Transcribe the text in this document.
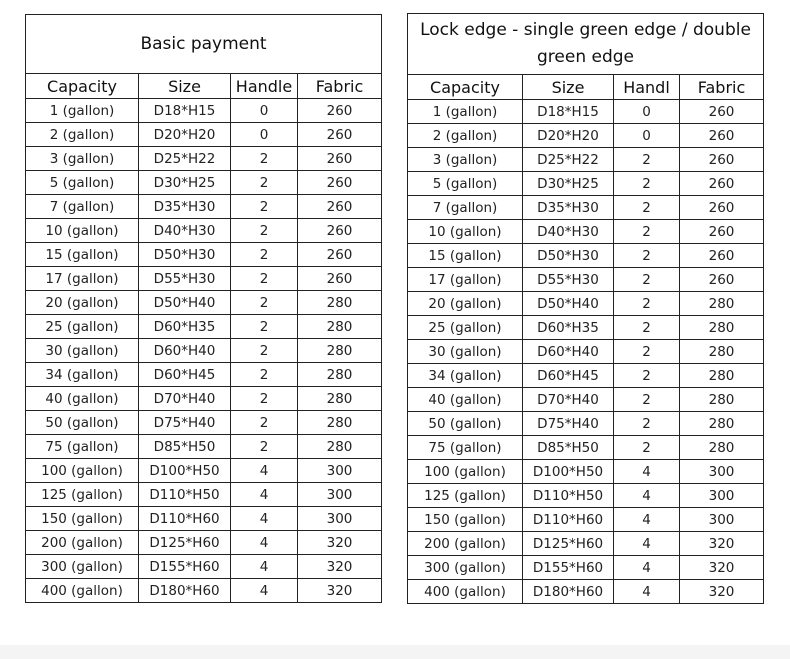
Basic payment			
Capacity	Size	Handle	Fabric
1 (gallon)	D18*H15	0	260
2 (gallon)	D20*H20	0	260
3 (gallon)	D25*H22	2	260
5 (gallon)	D30*H25	2	260
7 (gallon)	D35*H30	2	260
10 (gallon)	D40*H30	2	260
15 (gallon)	D50*H30	2	260
17 (gallon)	D55*H30	2	260
20 (gallon)	D50*H40	2	280
25 (gallon)	D60*H35	2	280
30 (gallon)	D60*H40	2	280
34 (gallon)	D60*H45	2	280
40 (gallon)	D70*H40	2	280
50 (gallon)	D75*H40	2	280
75 (gallon)	D85*H50	2	280
100 (gallon)	D100*H50	4	300
125 (gallon)	D110*H50	4	300
150 (gallon)	D110*H60	4	300
200 (gallon)	D125*H60	4	320
300 (gallon)	D155*H60	4	320
400 (gallon)	D180*H60	4	320
Lock edge - single green edge / double green edge			
Capacity	Size	Handl	Fabric
1 (gallon)	D18*H15	0	260
2 (gallon)	D20*H20	0	260
3 (gallon)	D25*H22	2	260
5 (gallon)	D30*H25	2	260
7 (gallon)	D35*H30	2	260
10 (gallon)	D40*H30	2	260
15 (gallon)	D50*H30	2	260
17 (gallon)	D55*H30	2	260
20 (gallon)	D50*H40	2	280
25 (gallon)	D60*H35	2	280
30 (gallon)	D60*H40	2	280
34 (gallon)	D60*H45	2	280
40 (gallon)	D70*H40	2	280
50 (gallon)	D75*H40	2	280
75 (gallon)	D85*H50	2	280
100 (gallon)	D100*H50	4	300
125 (gallon)	D110*H50	4	300
150 (gallon)	D110*H60	4	300
200 (gallon)	D125*H60	4	320
300 (gallon)	D155*H60	4	320
400 (gallon)	D180*H60	4	320
